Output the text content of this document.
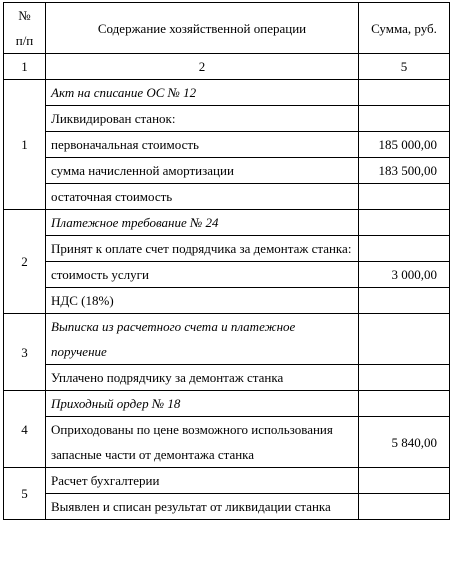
№
п/п	Содержание хозяйственной операции	Сумма, руб.
1	2	5
1	Акт на списание ОС № 12	
	Ликвидирован станок:	
	первоначальная стоимость	185 000,00
	сумма начисленной амортизации	183 500,00
	остаточная стоимость	
2	Платежное требование № 24	
	Принят к оплате счет подрядчика за демонтаж станка:	
	стоимость услуги	3 000,00
	НДС (18%)	
3	Выписка из расчетного счета и платежное поручение	
	Уплачено подрядчику за демонтаж станка	
4	Приходный ордер № 18	
	Оприходованы по цене возможного использования запасные части от демонтажа станка	5 840,00
5	Расчет бухгалтерии	
	Выявлен и списан результат от ликвидации станка	
